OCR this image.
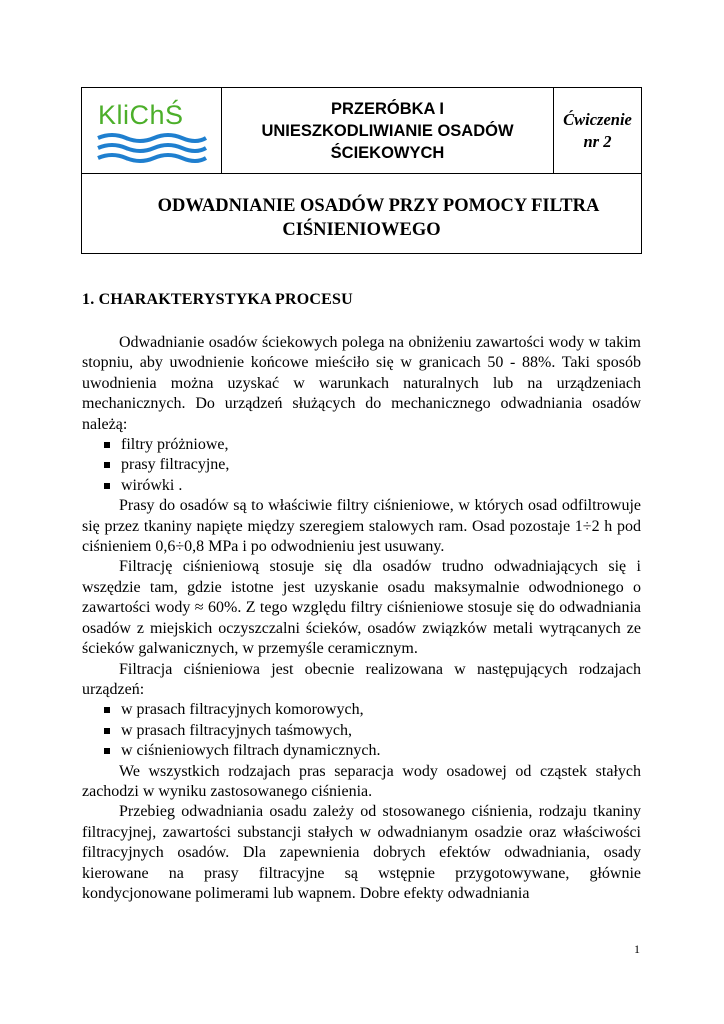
KliChŚ	PRZERÓBKA I
UNIESZKODLIWIANIE OSADÓW
ŚCIEKOWYCH
Ćwiczenie
nr 2
ODWADNIANIE OSADÓW PRZY POMOCY FILTRA
CIŚNIENIOWEGO
1. CHARAKTERYSTYKA PROCESU

Odwadnianie osadów ściekowych polega na obniżeniu zawartości wody w takim stopniu, aby uwodnienie końcowe mieściło się w granicach 50 - 88%. Taki sposób uwodnienia można uzyskać w warunkach naturalnych lub na urządzeniach mechanicznych. Do urządzeń służących do mechanicznego odwadniania osadów należą:

filtry próżniowe,
prasy filtracyjne,
wirówki .

Prasy do osadów są to właściwie filtry ciśnieniowe, w których osad odfiltrowuje się przez tkaniny napięte między szeregiem stalowych ram. Osad pozostaje 1÷2 h pod ciśnieniem 0,6÷0,8 MPa i po odwodnieniu jest usuwany.

Filtrację ciśnieniową stosuje się dla osadów trudno odwadniających się i wszędzie tam, gdzie istotne jest uzyskanie osadu maksymalnie odwodnionego o zawartości wody ≈ 60%. Z tego względu filtry ciśnieniowe stosuje się do odwadniania osadów z miejskich oczyszczalni ścieków, osadów związków metali wytrącanych ze ścieków galwanicznych, w przemyśle ceramicznym.

Filtracja ciśnieniowa jest obecnie realizowana w następujących rodzajach urządzeń:

w prasach filtracyjnych komorowych,
w prasach filtracyjnych taśmowych,
w ciśnieniowych filtrach dynamicznych.

We wszystkich rodzajach pras separacja wody osadowej od cząstek stałych zachodzi w wyniku zastosowanego ciśnienia.

Przebieg odwadniania osadu zależy od stosowanego ciśnienia, rodzaju tkaniny filtracyjnej, zawartości substancji stałych w odwadnianym osadzie oraz właściwości filtracyjnych osadów. Dla zapewnienia dobrych efektów odwadniania, osady kierowane na prasy filtracyjne są wstępnie przygotowywane, głównie kondycjonowane polimerami lub wapnem. Dobre efekty odwadniania

1
